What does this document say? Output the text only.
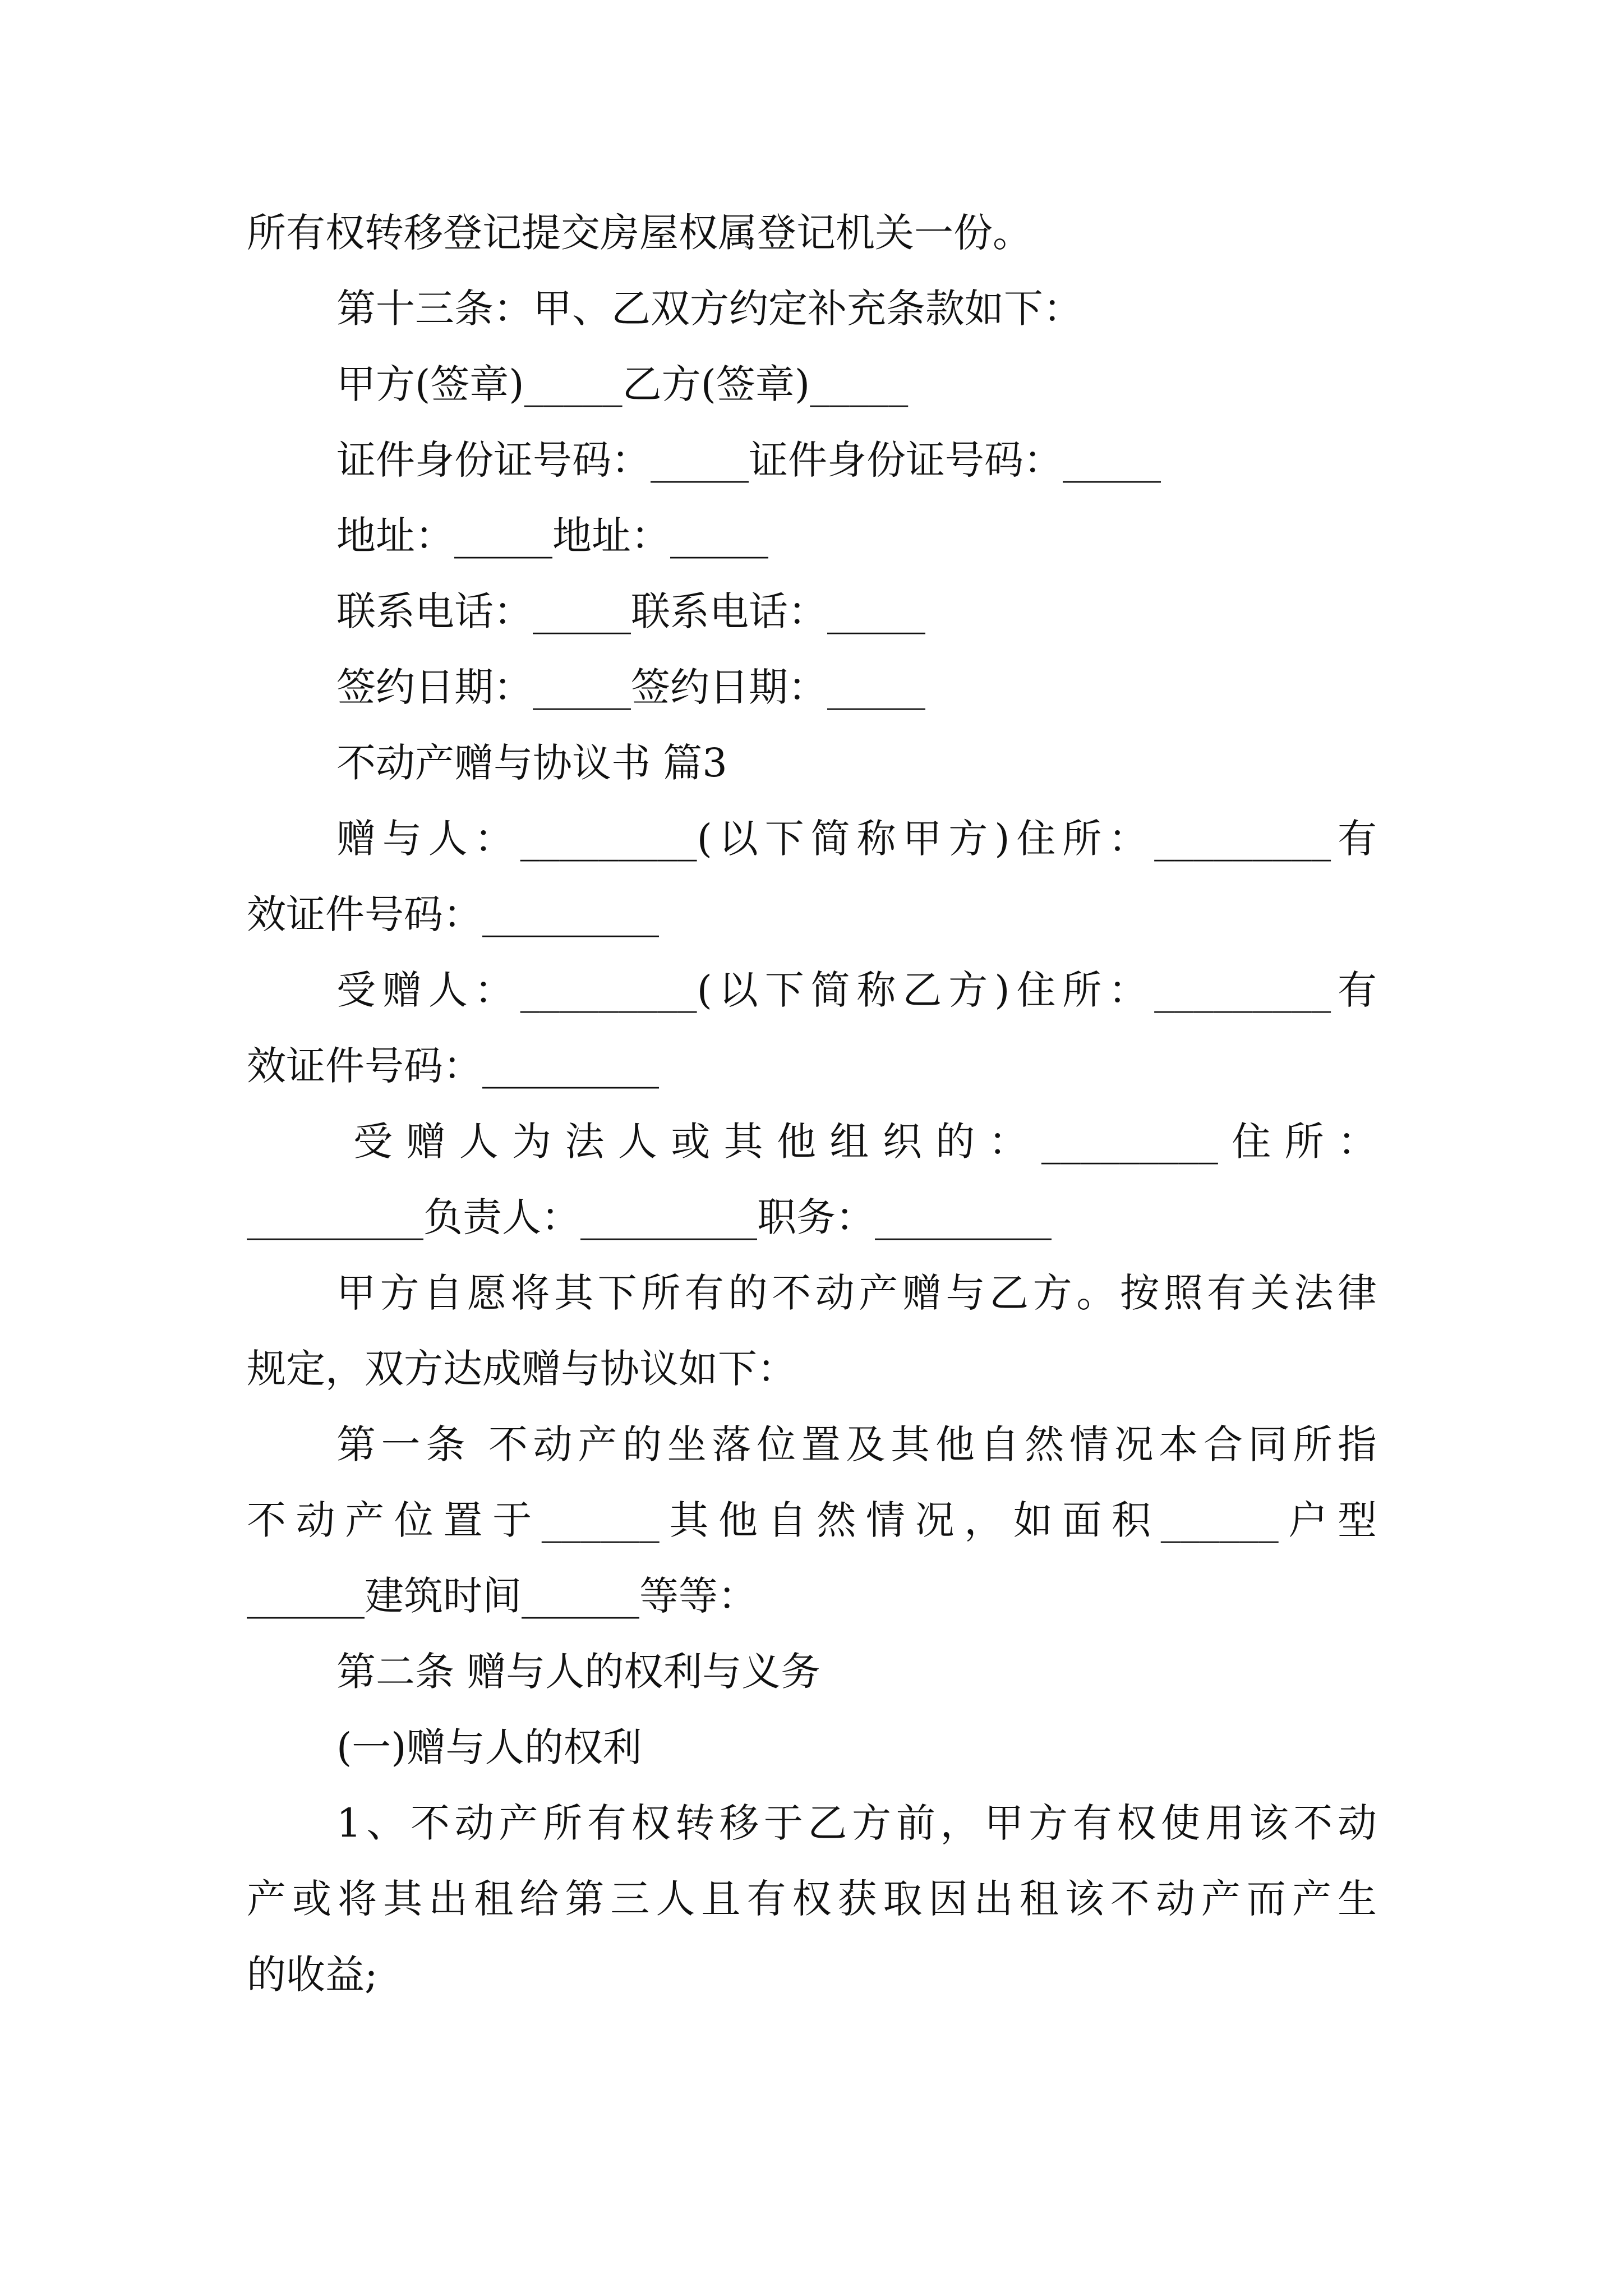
所有权转移登记提交房屋权属登记机关一份。
第十三条：甲、乙双方约定补充条款如下：
甲方(签章)_____乙方(签章)_____
证件身份证号码：_____证件身份证号码：_____
地址：_____地址：_____
联系电话：_____联系电话：_____
签约日期：_____签约日期：_____
不动产赠与协议书 篇3
赠与人：_________(以下简称甲方)住所：_________有
效证件号码：_________
受赠人：_________(以下简称乙方)住所：_________有
效证件号码：_________
受赠人为法人或其他组织的：_________住所：
_________负责人：_________职务：_________
甲方自愿将其下所有的不动产赠与乙方。按照有关法律
规定，双方达成赠与协议如下：
第一条 不动产的坐落位置及其他自然情况本合同所指
不动产位置于______其他自然情况，如面积______户型
______建筑时间______等等：
第二条 赠与人的权利与义务
(一)赠与人的权利
1、不动产所有权转移于乙方前，甲方有权使用该不动
产或将其出租给第三人且有权获取因出租该不动产而产生
的收益;
